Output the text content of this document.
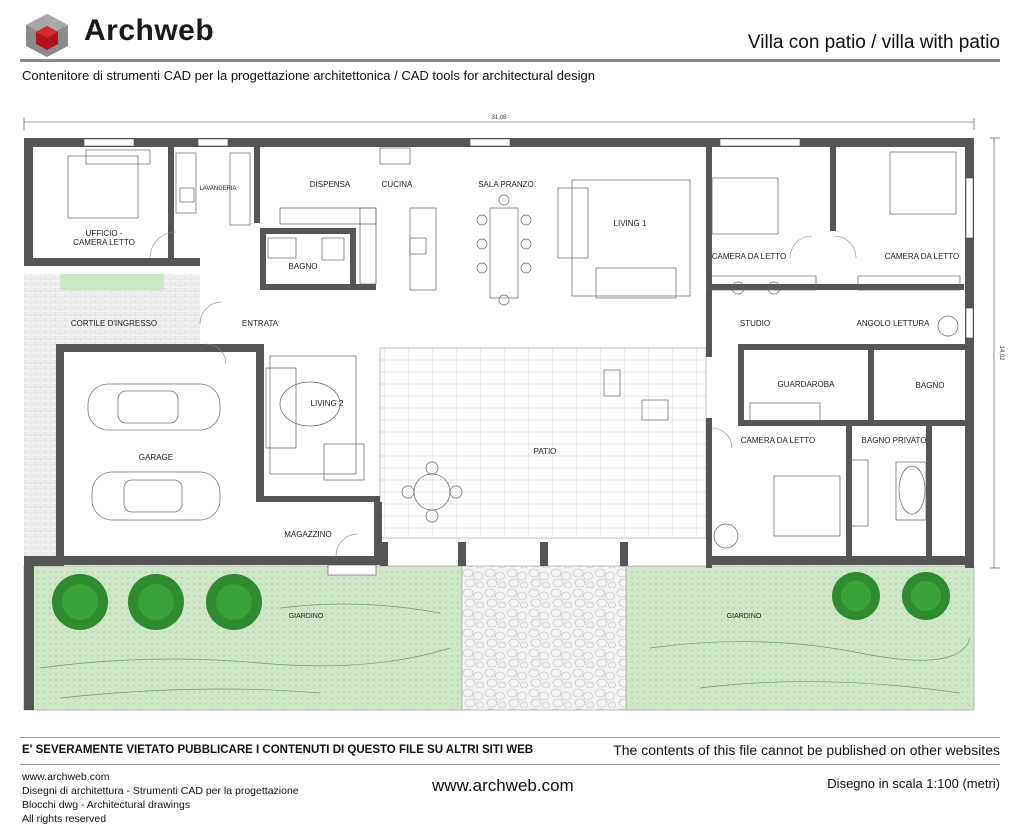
Archweb	Villa con patio / villa with patio
Contenitore di strumenti CAD per la progettazione architettonica / CAD tools for architectural design
31,08
14,02
UFFICIO -
CAMERA LETTO
LAVANDERIA	DISPENSA	CUCINA	SALA PRANZO
LIVING 1
CAMERA DA LETTO	CAMERA DA LETTO
BAGNO
CORTILE D'INGRESSO	ENTRATA	STUDIO	ANGOLO LETTURA
GUARDAROBA	BAGNO
LIVING 2
PATIO
CAMERA DA LETTO	BAGNO PRIVATO
GARAGE
MAGAZZINO
GIARDINO	GIARDINO
E' SEVERAMENTE VIETATO PUBBLICARE I CONTENUTI DI QUESTO FILE SU ALTRI SITI WEB	The contents of this file cannot be published on other websites
www.archweb.com
Disegni di architettura - Strumenti CAD per la progettazione
Blocchi dwg - Architectural drawings
All rights reserved
www.archweb.com	Disegno in scala 1:100 (metri)
